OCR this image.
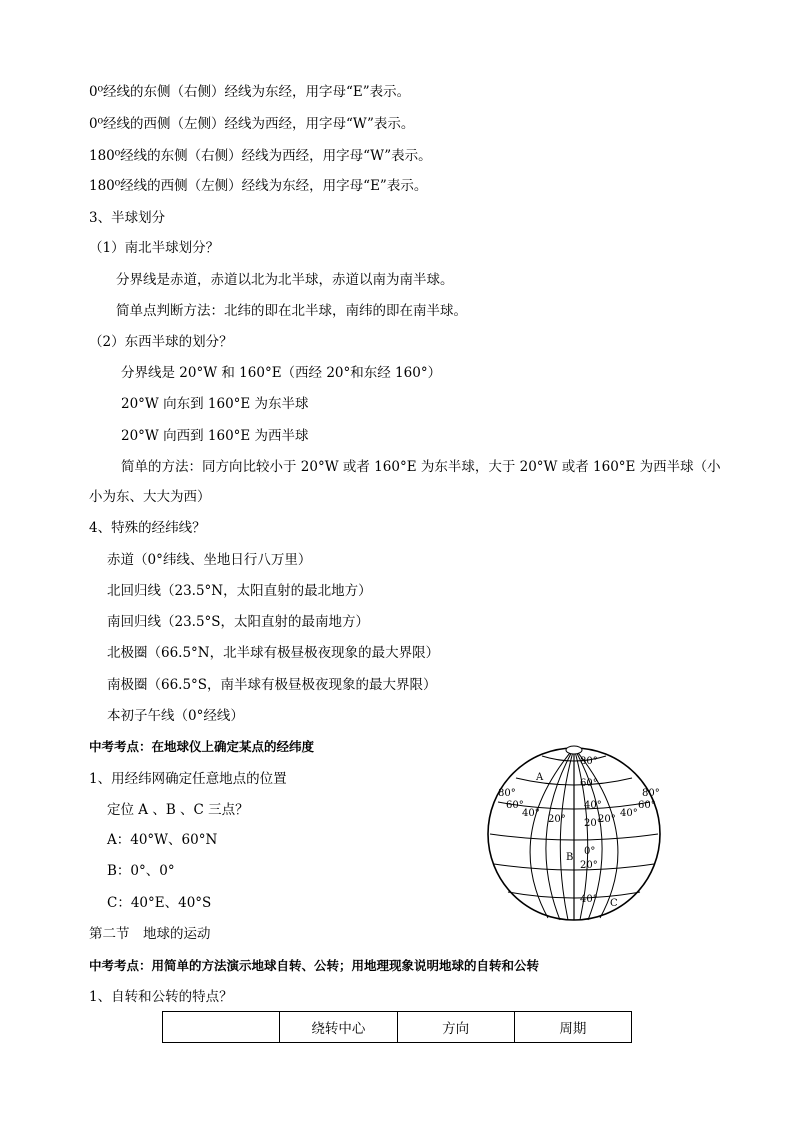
0⁰经线的东侧（右侧）经线为东经，用字母“E”表示。
0⁰经线的西侧（左侧）经线为西经，用字母“W”表示。
180⁰经线的东侧（右侧）经线为西经，用字母“W”表示。
180⁰经线的西侧（左侧）经线为东经，用字母“E”表示。
3、半球划分
（1）南北半球划分？
分界线是赤道，赤道以北为北半球，赤道以南为南半球。
简单点判断方法：北纬的即在北半球，南纬的即在南半球。
（2）东西半球的划分？
分界线是 20°W 和 160°E（西经 20°和东经 160°）
20°W 向东到 160°E 为东半球
20°W 向西到 160°E 为西半球
简单的方法：同方向比较小于 20°W 或者 160°E 为东半球，大于 20°W 或者 160°E 为西半球（小
小为东、大大为西）
4、特殊的经纬线？
赤道（0°纬线、坐地日行八万里）
北回归线（23.5°N，太阳直射的最北地方）
南回归线（23.5°S，太阳直射的最南地方）
北极圈（66.5°N，北半球有极昼极夜现象的最大界限）
南极圈（66.5°S，南半球有极昼极夜现象的最大界限）
本初子午线（0°经线）
中考考点：在地球仪上确定某点的经纬度
1、用经纬网确定任意地点的位置
定位 A 、B 、C 三点？
A：40°W、60°N
B：0°、0°
C：40°E、40°S
第二节　地球的运动
中考考点：用简单的方法演示地球自转、公转；用地理现象说明地球的自转和公转
1、自转和公转的特点？
80°
60°
40°
20°
20°
40°
0°
80°
60°
40°
20°	20°
40°
60°
80°
A
B
C
	绕转中心	方向	周期
